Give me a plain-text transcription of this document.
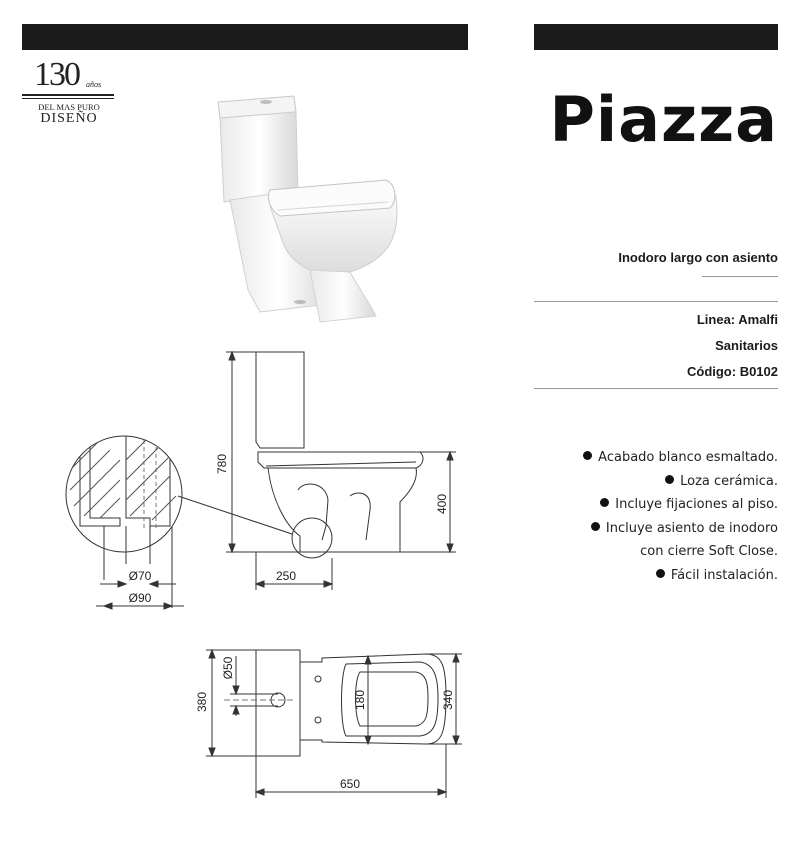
130 años
DEL MAS PURO
DISEÑO	Piazza
780
400
250
Ø70
Ø90
380
Ø50
180	340
650
Inodoro largo con asiento
Linea: Amalfi
Sanitarios
Código: B0102
Acabado blanco esmaltado.
Loza cerámica.
Incluye fijaciones al piso.
Incluye asiento de inodoro
con cierre Soft Close.
Fácil instalación.
